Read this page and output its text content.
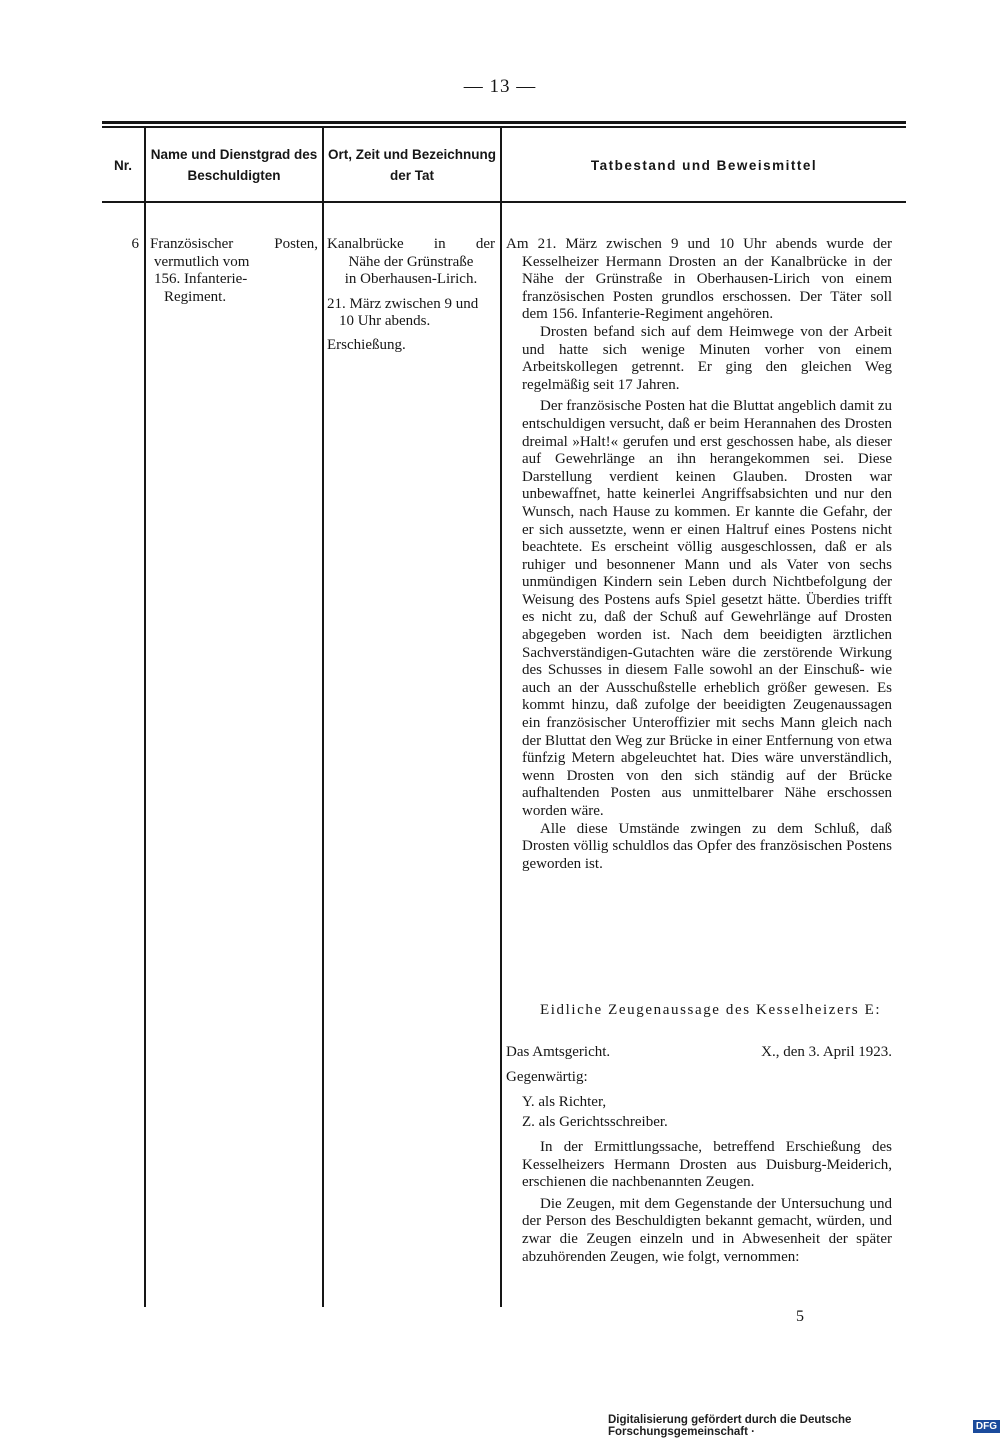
— 13 —
Nr.
Name und Dienstgrad des Beschuldigten
Ort, Zeit und Bezeichnung der Tat
Tatbestand und Beweismittel
6 Französischer Posten,
vermutlich vom
156. Infanterie-
Regiment.
Kanalbrücke in der
Nähe der Grünstraße
in Oberhausen-Lirich.
21. März zwischen 9 und
10 Uhr abends.
Erschießung.

Am 21. März zwischen 9 und 10 Uhr abends wurde der Kesselheizer Hermann Drosten an der Kanalbrücke in der Nähe der Grünstraße in Oberhausen-Lirich von einem französischen Posten grundlos erschossen. Der Täter soll dem 156. Infanterie-Regiment angehören.

Drosten befand sich auf dem Heimwege von der Arbeit und hatte sich wenige Minuten vorher von einem Arbeitskollegen getrennt. Er ging den gleichen Weg regelmäßig seit 17 Jahren.

Der französische Posten hat die Bluttat angeblich damit zu entschuldigen versucht, daß er beim Herannahen des Drosten dreimal »Halt!« gerufen und erst geschossen habe, als dieser auf Gewehrlänge an ihn herangekommen sei. Diese Darstellung verdient keinen Glauben. Drosten war unbewaffnet, hatte keinerlei Angriffsabsichten und nur den Wunsch, nach Hause zu kommen. Er kannte die Gefahr, der er sich aussetzte, wenn er einen Haltruf eines Postens nicht beachtete. Es erscheint völlig ausgeschlossen, daß er als ruhiger und besonnener Mann und als Vater von sechs unmündigen Kindern sein Leben durch Nichtbefolgung der Weisung des Postens aufs Spiel gesetzt hätte. Überdies trifft es nicht zu, daß der Schuß auf Gewehrlänge auf Drosten abgegeben worden ist. Nach dem beeidigten ärztlichen Sachverständigen-Gutachten wäre die zerstörende Wirkung des Schusses in diesem Falle sowohl an der Einschuß- wie auch an der Ausschußstelle erheblich größer gewesen. Es kommt hinzu, daß zufolge der beeidigten Zeugenaussagen ein französischer Unteroffizier mit sechs Mann gleich nach der Bluttat den Weg zur Brücke in einer Entfernung von etwa fünfzig Metern abgeleuchtet hat. Dies wäre unverständlich, wenn Drosten von den sich ständig auf der Brücke aufhaltenden Posten aus unmittelbarer Nähe erschossen worden wäre.

Alle diese Umstände zwingen zu dem Schluß, daß Drosten völlig schuldlos das Opfer des französischen Postens geworden ist.

Eidliche Zeugenaussage des Kesselheizers E:
Das Amtsgericht.	X., den 3. April 1923.
Gegenwärtig:
Y. als Richter,
Z. als Gerichtsschreiber.

In der Ermittlungssache, betreffend Erschießung des Kesselheizers Hermann Drosten aus Duisburg-Meiderich, erschienen die nachbenannten Zeugen.

Die Zeugen, mit dem Gegenstande der Untersuchung und der Person des Beschuldigten bekannt gemacht, würden, und zwar die Zeugen einzeln und in Abwesenheit der später abzuhörenden Zeugen, wie folgt, vernommen:

5
Digitalisierung gefördert durch die Deutsche Forschungsgemeinschaft ·	DFG
